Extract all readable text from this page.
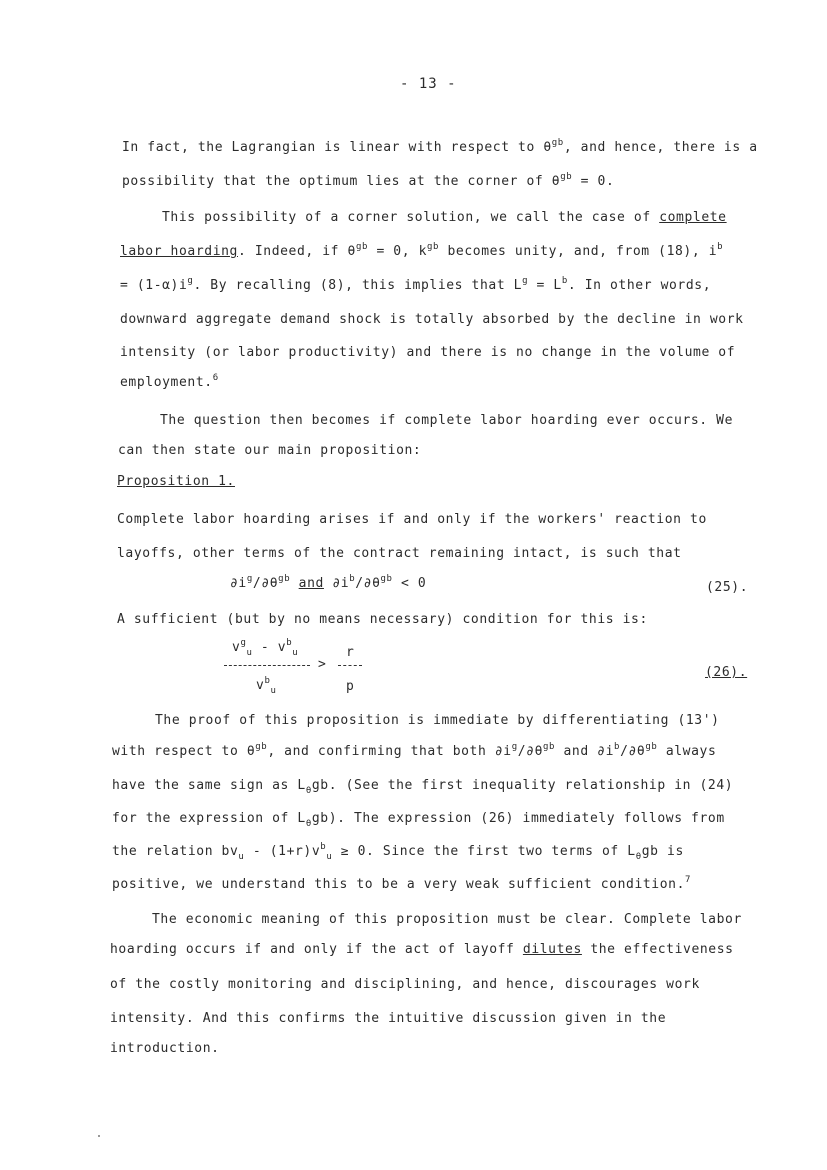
- 13 -
In fact, the Lagrangian is linear with respect to $\theta^{gb}$, and hence, there is a
possibility that the optimum lies at the corner of $\theta^{gb} = 0$.
This possibility of a corner solution, we call the case of complete
labor hoarding. Indeed, if $\theta^{gb} = 0$, $k^{gb}$ becomes unity, and, from (18), $i^b$
= $(1-\alpha)i^g$. By recalling (8), this implies that $L^g = L^b$. In other words,
downward aggregate demand shock is totally absorbed by the decline in work
intensity (or labor productivity) and there is no change in the volume of
employment.$^6$
The question then becomes if complete labor hoarding ever occurs. We
can then state our main proposition:
Proposition 1.
Complete labor hoarding arises if and only if the workers' reaction to
layoffs, other terms of the contract remaining intact, is such that
$\partial i^g/\partial\theta^{gb}$ and $\partial i^b/\partial\theta^{gb} < 0$	(25).
A sufficient (but by no means necessary) condition for this is:
$v^g_u - v^b_u$
$v^b_u$
>
r
p
(26).
The proof of this proposition is immediate by differentiating (13')
with respect to $\theta^{gb}$, and confirming that both $\partial i^g/\partial\theta^{gb}$ and $\partial i^b/\partial\theta^{gb}$ always
have the same sign as $L_\theta gb$. (See the first inequality relationship in (24)
for the expression of $L_\theta gb$). The expression (26) immediately follows from
the relation $bv_u - (1+r)v^b_u \ge 0$. Since the first two terms of $L_\theta gb$ is
positive, we understand this to be a very weak sufficient condition.$^7$
The economic meaning of this proposition must be clear. Complete labor
hoarding occurs if and only if the act of layoff dilutes the effectiveness
of the costly monitoring and disciplining, and hence, discourages work
intensity. And this confirms the intuitive discussion given in the
introduction.
